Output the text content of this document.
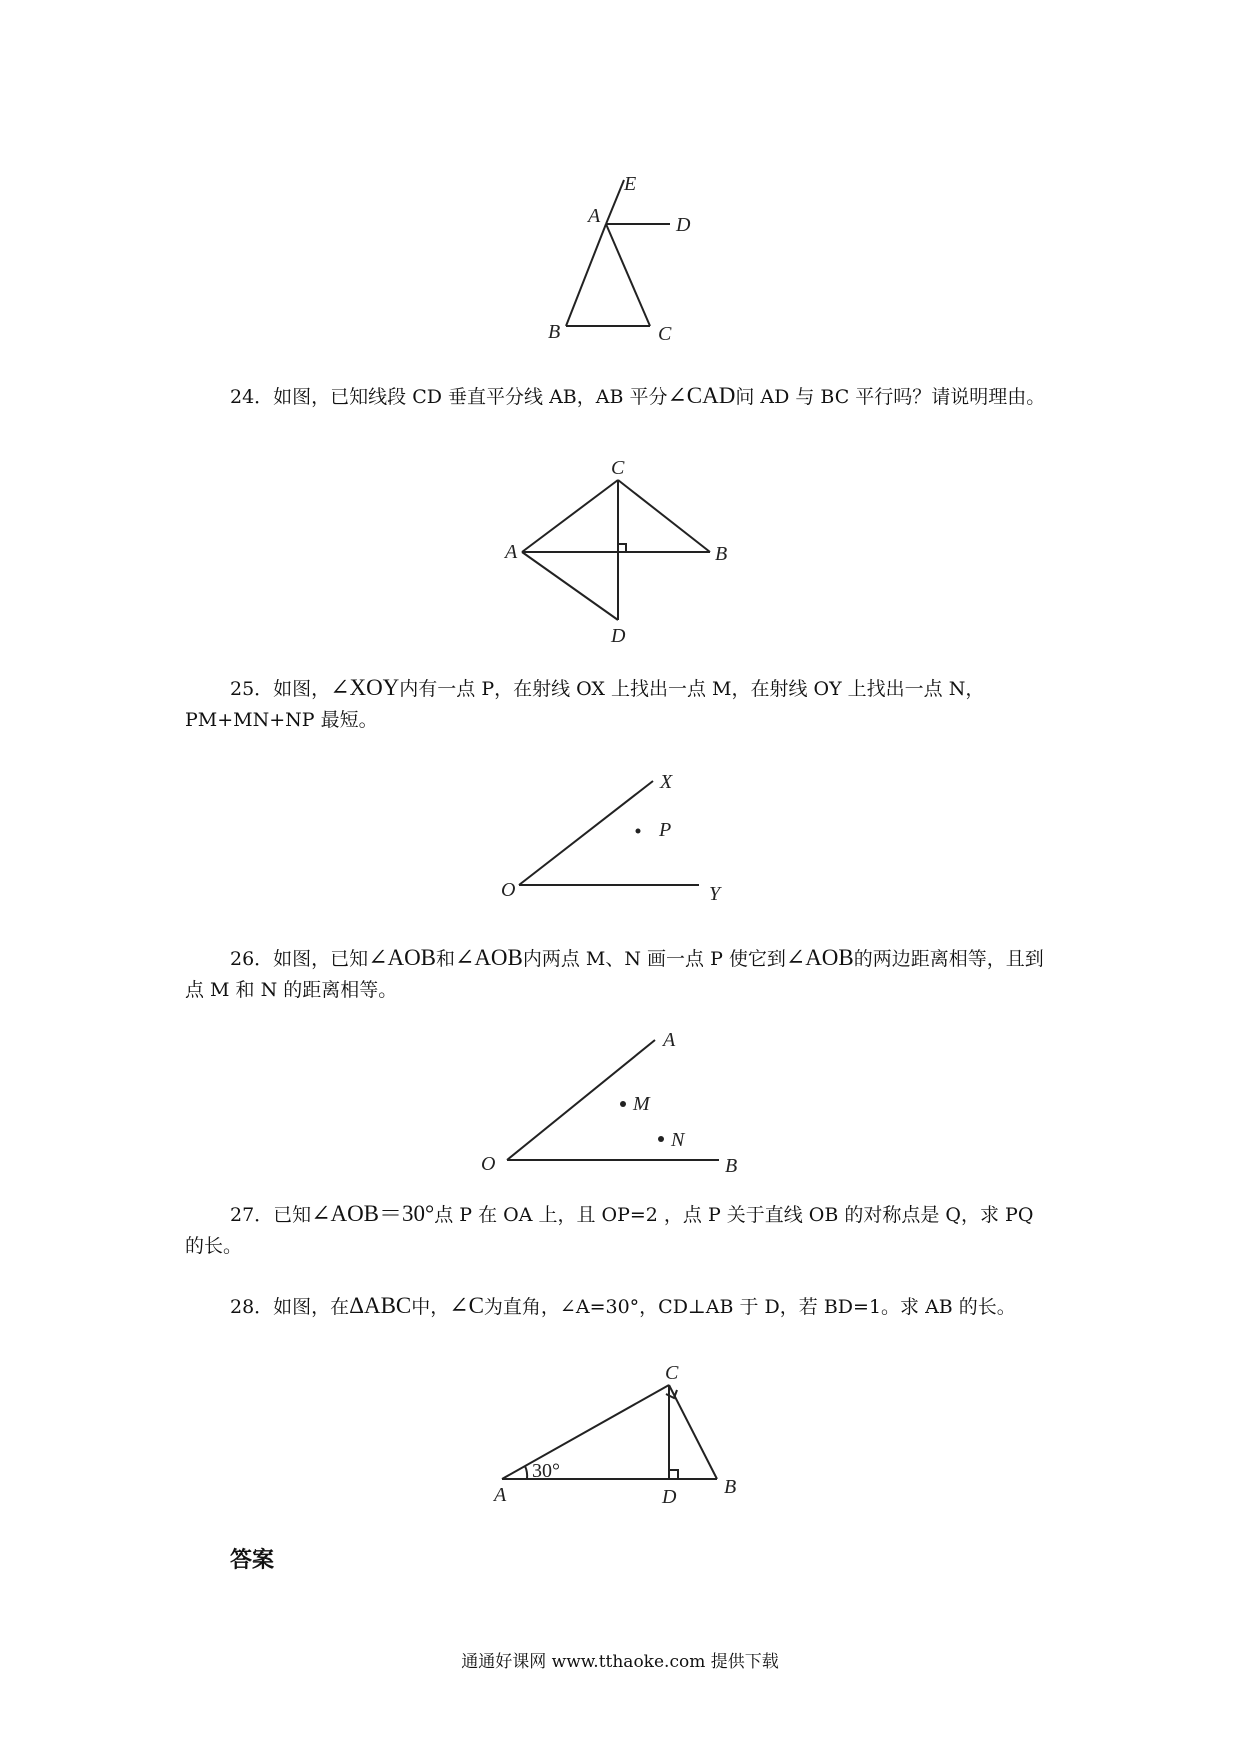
E
A	D
B	C

24．如图，已知线段 CD 垂直平分线 AB，AB 平分∠CAD问 AD 与 BC 平行吗？请说明理由。

C
A	B
D

25．如图，∠XOY内有一点 P，在射线 OX 上找出一点 M，在射线 OY 上找出一点 N，PM+MN+NP 最短。

X
P
O	Y

26．如图，已知∠AOB和∠AOB内两点 M、N 画一点 P 使它到∠AOB的两边距离相等，且到点 M 和 N 的距离相等。

A
M
N
O	B

27．已知∠AOB＝30°点 P 在 OA 上，且 OP=2 ，点 P 关于直线 OB 的对称点是 Q，求 PQ 的长。

28．如图，在ΔABC中，∠C为直角，∠A=30°，CD⊥AB 于 D，若 BD=1。求 AB 的长。

A
30°
C
D B

答案

通通好课网 www.tthaoke.com 提供下载
